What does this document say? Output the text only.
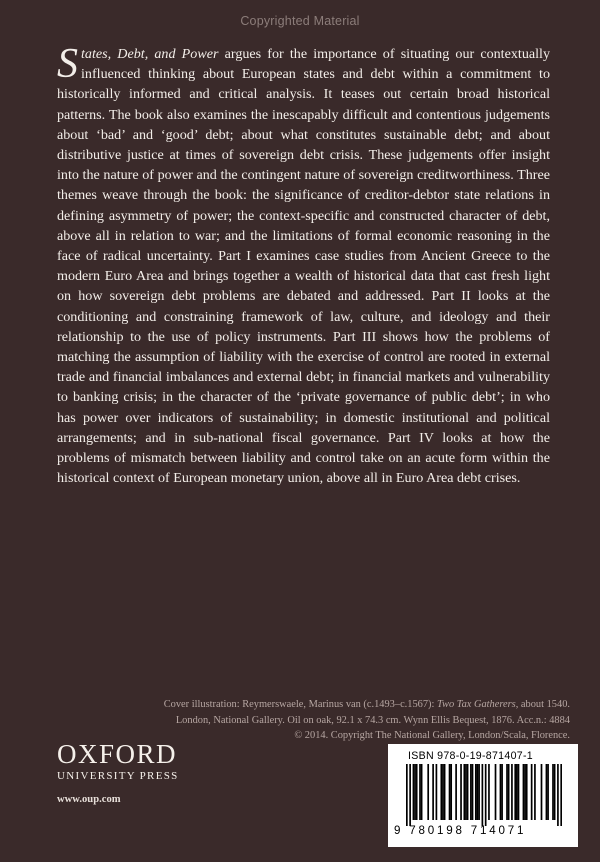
Copyrighted Material

States, Debt, and Power argues for the importance of situating our contextually influenced thinking about European states and debt within a commitment to historically informed and critical analysis. It teases out certain broad historical patterns. The book also examines the inescapably difficult and contentious judgements about ‘bad’ and ‘good’ debt; about what constitutes sustainable debt; and about distributive justice at times of sovereign debt crisis. These judgements offer insight into the nature of power and the contingent nature of sovereign creditworthiness. Three themes weave through the book: the significance of creditor-debtor state relations in defining asymmetry of power; the context-specific and constructed character of debt, above all in relation to war; and the limitations of formal economic reasoning in the face of radical uncertainty. Part I examines case studies from Ancient Greece to the modern Euro Area and brings together a wealth of historical data that cast fresh light on how sovereign debt problems are debated and addressed. Part II looks at the conditioning and constraining framework of law, culture, and ideology and their relationship to the use of policy instruments. Part III shows how the problems of matching the assumption of liability with the exercise of control are rooted in external trade and financial imbalances and external debt; in financial markets and vulnerability to banking crisis; in the character of the ‘private governance of public debt’; in who has power over indicators of sustainability; in domestic institutional and political arrangements; and in sub-national fiscal governance. Part IV looks at how the problems of mismatch between liability and control take on an acute form within the historical context of European monetary union, above all in Euro Area debt crises.

Cover illustration: Reymerswaele, Marinus van (c.1493–c.1567): Two Tax Gatherers, about 1540.

London, National Gallery. Oil on oak, 92.1 x 74.3 cm. Wynn Ellis Bequest, 1876. Acc.n.: 4884

© 2014. Copyright The National Gallery, London/Scala, Florence.

OXFORD
UNIVERSITY PRESS
www.oup.com
ISBN 978-0-19-871407-1
9 780198 714071
